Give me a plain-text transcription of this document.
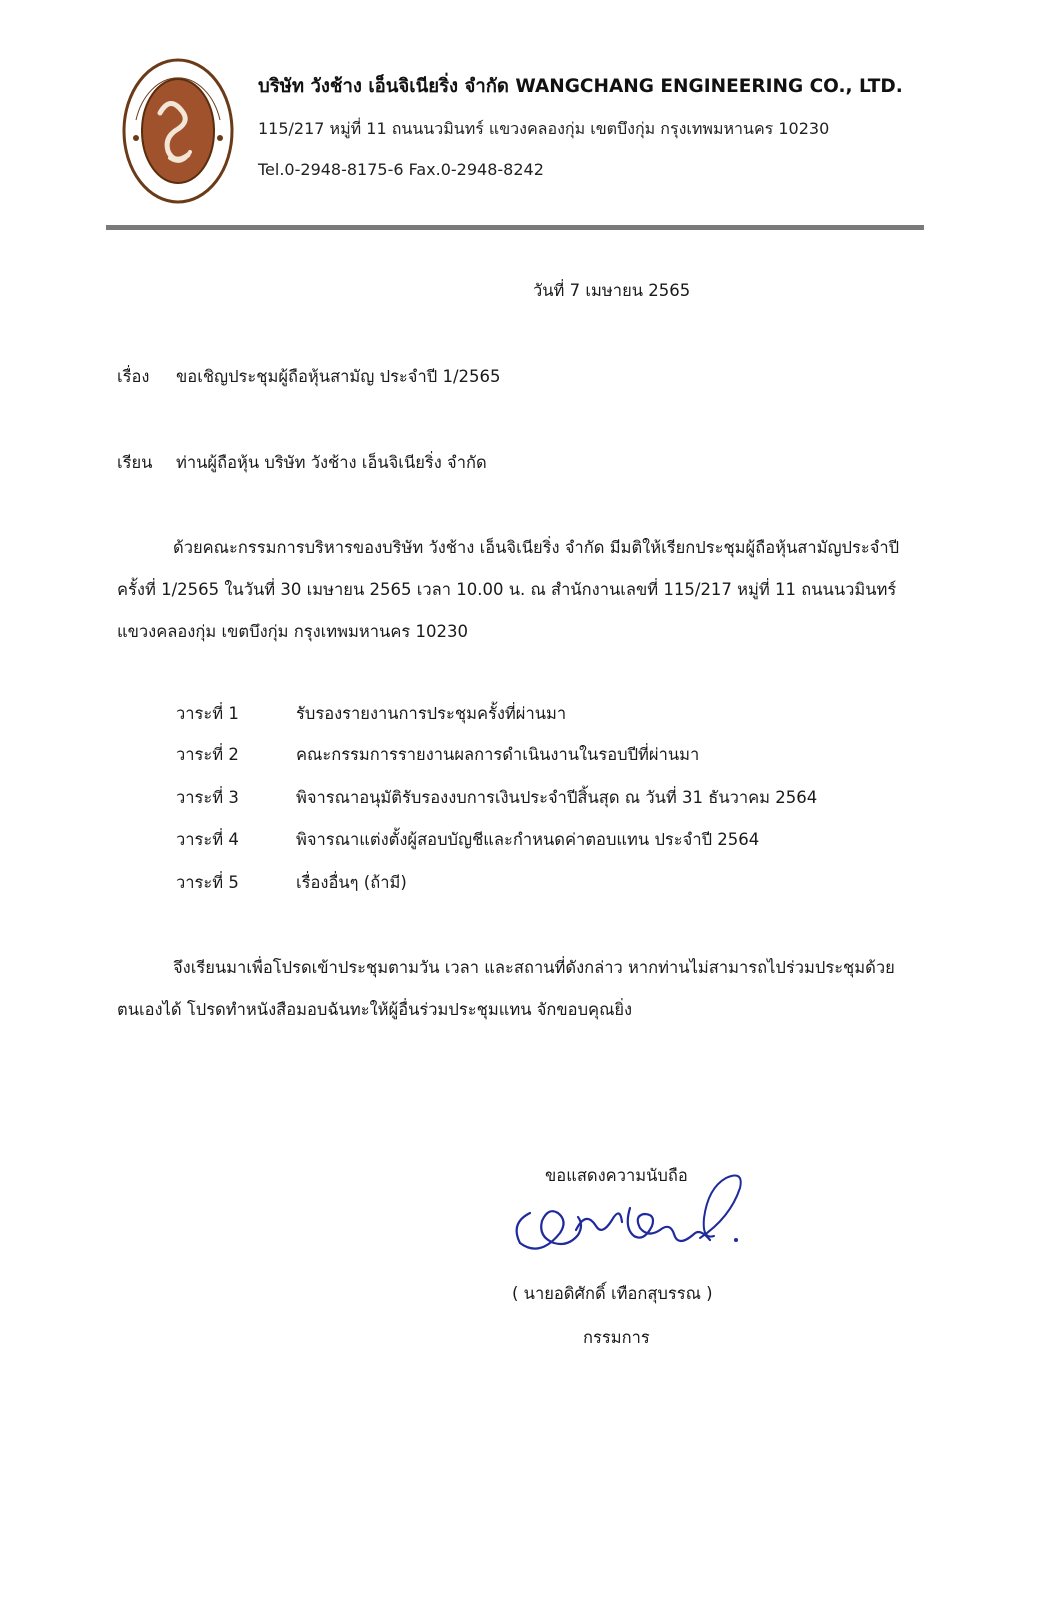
บริษัท วังช้าง เอ็นจิเนียริ่ง จำกัด WANGCHANG ENGINEERING CO., LTD.
115/217 หมู่ที่ 11 ถนนนวมินทร์ แขวงคลองกุ่ม เขตบึงกุ่ม กรุงเทพมหานคร 10230
Tel.0-2948-8175-6 Fax.0-2948-8242
วันที่ 7 เมษายน 2565
เรื่อง ขอเชิญประชุมผู้ถือหุ้นสามัญ ประจำปี 1/2565
เรียน ท่านผู้ถือหุ้น บริษัท วังช้าง เอ็นจิเนียริ่ง จำกัด
ด้วยคณะกรรมการบริหารของบริษัท วังช้าง เอ็นจิเนียริ่ง จำกัด มีมติให้เรียกประชุมผู้ถือหุ้นสามัญประจำปี ครั้งที่ 1/2565 ในวันที่ 30 เมษายน 2565 เวลา 10.00 น. ณ สำนักงานเลขที่ 115/217 หมู่ที่ 11 ถนนนวมินทร์ แขวงคลองกุ่ม เขตบึงกุ่ม กรุงเทพมหานคร 10230
วาระที่ 1	รับรองรายงานการประชุมครั้งที่ผ่านมา
วาระที่ 2	คณะกรรมการรายงานผลการดำเนินงานในรอบปีที่ผ่านมา
วาระที่ 3	พิจารณาอนุมัติรับรองงบการเงินประจำปีสิ้นสุด ณ วันที่ 31 ธันวาคม 2564
วาระที่ 4	พิจารณาแต่งตั้งผู้สอบบัญชีและกำหนดค่าตอบแทน ประจำปี 2564
วาระที่ 5	เรื่องอื่นๆ (ถ้ามี)
จึงเรียนมาเพื่อโปรดเข้าประชุมตามวัน เวลา และสถานที่ดังกล่าว หากท่านไม่สามารถไปร่วมประชุมด้วยตนเองได้ โปรดทำหนังสือมอบฉันทะให้ผู้อื่นร่วมประชุมแทน จักขอบคุณยิ่ง
ขอแสดงความนับถือ
( นายอดิศักดิ์ เทือกสุบรรณ )
กรรมการ
